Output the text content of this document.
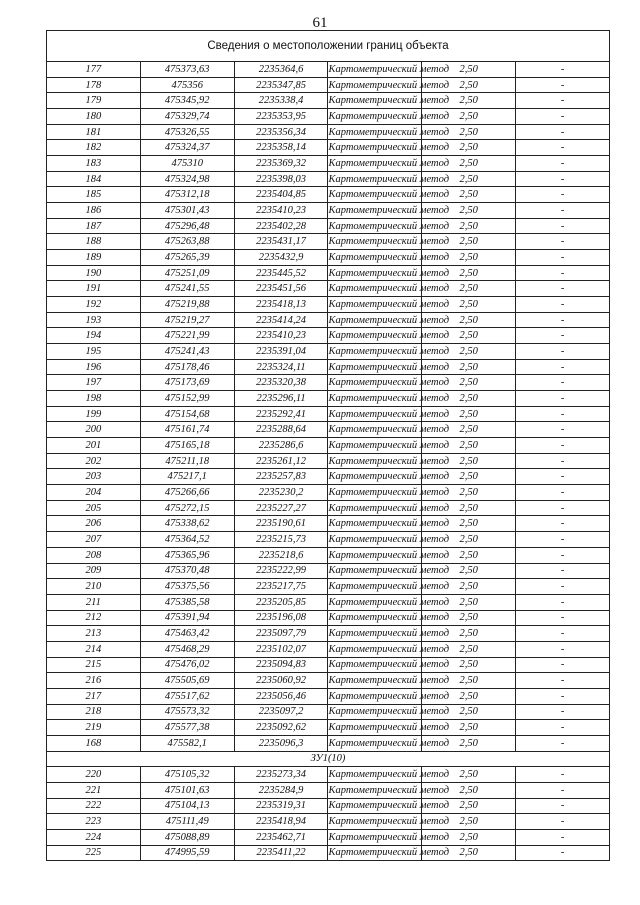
61
Сведения о местоположении границ объекта					
177	475373,63	2235364,6	Картометрический метод	2,50	-
178	475356	2235347,85	Картометрический метод	2,50	-
179	475345,92	2235338,4	Картометрический метод	2,50	-
180	475329,74	2235353,95	Картометрический метод	2,50	-
181	475326,55	2235356,34	Картометрический метод	2,50	-
182	475324,37	2235358,14	Картометрический метод	2,50	-
183	475310	2235369,32	Картометрический метод	2,50	-
184	475324,98	2235398,03	Картометрический метод	2,50	-
185	475312,18	2235404,85	Картометрический метод	2,50	-
186	475301,43	2235410,23	Картометрический метод	2,50	-
187	475296,48	2235402,28	Картометрический метод	2,50	-
188	475263,88	2235431,17	Картометрический метод	2,50	-
189	475265,39	2235432,9	Картометрический метод	2,50	-
190	475251,09	2235445,52	Картометрический метод	2,50	-
191	475241,55	2235451,56	Картометрический метод	2,50	-
192	475219,88	2235418,13	Картометрический метод	2,50	-
193	475219,27	2235414,24	Картометрический метод	2,50	-
194	475221,99	2235410,23	Картометрический метод	2,50	-
195	475241,43	2235391,04	Картометрический метод	2,50	-
196	475178,46	2235324,11	Картометрический метод	2,50	-
197	475173,69	2235320,38	Картометрический метод	2,50	-
198	475152,99	2235296,11	Картометрический метод	2,50	-
199	475154,68	2235292,41	Картометрический метод	2,50	-
200	475161,74	2235288,64	Картометрический метод	2,50	-
201	475165,18	2235286,6	Картометрический метод	2,50	-
202	475211,18	2235261,12	Картометрический метод	2,50	-
203	475217,1	2235257,83	Картометрический метод	2,50	-
204	475266,66	2235230,2	Картометрический метод	2,50	-
205	475272,15	2235227,27	Картометрический метод	2,50	-
206	475338,62	2235190,61	Картометрический метод	2,50	-
207	475364,52	2235215,73	Картометрический метод	2,50	-
208	475365,96	2235218,6	Картометрический метод	2,50	-
209	475370,48	2235222,99	Картометрический метод	2,50	-
210	475375,56	2235217,75	Картометрический метод	2,50	-
211	475385,58	2235205,85	Картометрический метод	2,50	-
212	475391,94	2235196,08	Картометрический метод	2,50	-
213	475463,42	2235097,79	Картометрический метод	2,50	-
214	475468,29	2235102,07	Картометрический метод	2,50	-
215	475476,02	2235094,83	Картометрический метод	2,50	-
216	475505,69	2235060,92	Картометрический метод	2,50	-
217	475517,62	2235056,46	Картометрический метод	2,50	-
218	475573,32	2235097,2	Картометрический метод	2,50	-
219	475577,38	2235092,62	Картометрический метод	2,50	-
168	475582,1	2235096,3	Картометрический метод	2,50	-
ЗУ1(10)					
220	475105,32	2235273,34	Картометрический метод	2,50	-
221	475101,63	2235284,9	Картометрический метод	2,50	-
222	475104,13	2235319,31	Картометрический метод	2,50	-
223	475111,49	2235418,94	Картометрический метод	2,50	-
224	475088,89	2235462,71	Картометрический метод	2,50	-
225	474995,59	2235411,22	Картометрический метод	2,50	-
